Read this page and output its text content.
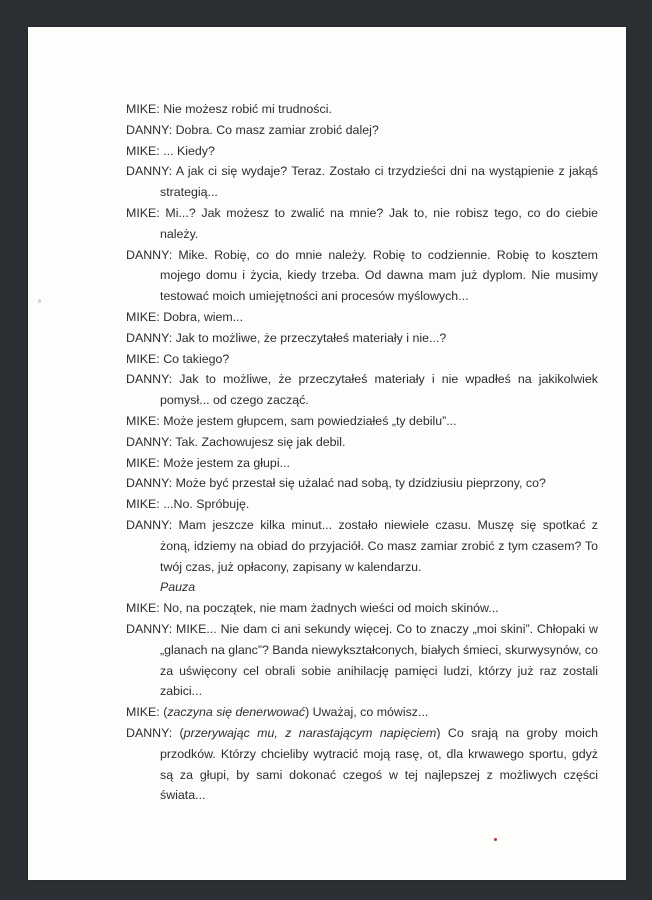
MIKE: Nie możesz robić mi trudności.
DANNY: Dobra. Co masz zamiar zrobić dalej?
MIKE: ... Kiedy?
DANNY: A jak ci się wydaje? Teraz. Zostało ci trzydzieści dni na wystąpienie z jakąś strategią...
MIKE: Mi...? Jak możesz to zwalić na mnie? Jak to, nie robisz tego, co do ciebie należy.
DANNY: Mike. Robię, co do mnie należy. Robię to codziennie. Robię to kosztem mojego domu i życia, kiedy trzeba. Od dawna mam już dyplom. Nie musimy testować moich umiejętności ani procesów myślowych...
MIKE: Dobra, wiem...
DANNY: Jak to możliwe, że przeczytałeś materiały i nie...?
MIKE: Co takiego?
DANNY: Jak to możliwe, że przeczytałeś materiały i nie wpadłeś na jakikolwiek pomysł... od czego zacząć.
MIKE: Może jestem głupcem, sam powiedziałeś „ty debilu”...
DANNY: Tak. Zachowujesz się jak debil.
MIKE: Może jestem za głupi...
DANNY: Może być przestał się użalać nad sobą, ty dzidziusiu pieprzony, co?
MIKE: ...No. Spróbuję.
DANNY: Mam jeszcze kilka minut... zostało niewiele czasu. Muszę się spotkać z żoną, idziemy na obiad do przyjaciół. Co masz zamiar zrobić z tym czasem? To twój czas, już opłacony, zapisany w kalendarzu.
Pauza
MIKE: No, na początek, nie mam żadnych wieści od moich skinów...
DANNY: MIKE... Nie dam ci ani sekundy więcej. Co to znaczy „moi skini”. Chłopaki w „glanach na glanc”? Banda niewykształconych, białych śmieci, skurwysynów, co za uświęcony cel obrali sobie anihilację pamięci ludzi, którzy już raz zostali zabici...
MIKE: (zaczyna się denerwować) Uważaj, co mówisz...
DANNY: (przerywając mu, z narastającym napięciem) Co srają na groby moich przodków. Którzy chcieliby wytracić moją rasę, ot, dla krwawego sportu, gdyż są za głupi, by sami dokonać czegoś w tej najlepszej z możliwych części świata...
